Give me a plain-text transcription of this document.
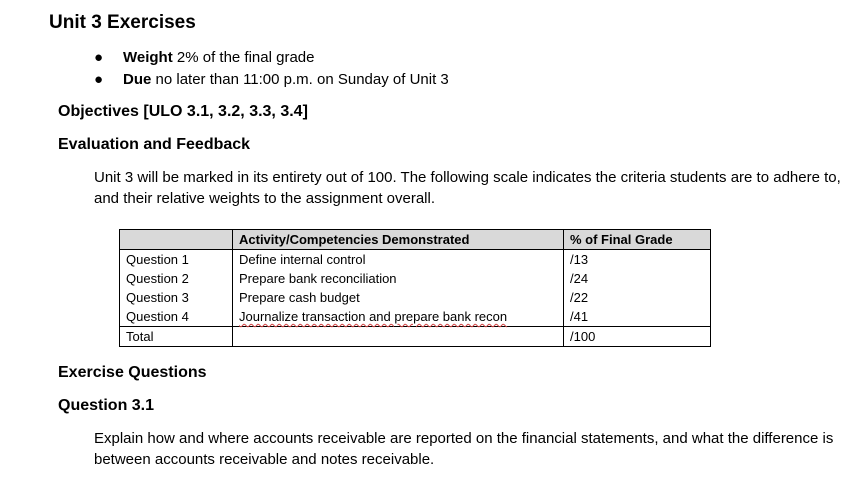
Unit 3 Exercises
● Weight 2% of the final grade
● Due no later than 11:00 p.m. on Sunday of Unit 3
Objectives [ULO 3.1, 3.2, 3.3, 3.4]
Evaluation and Feedback

Unit 3 will be marked in its entirety out of 100. The following scale indicates the criteria students are to adhere to, and their relative weights to the assignment overall.

	Activity/Competencies Demonstrated	% of Final Grade
Question 1	Define internal control	/13
Question 2	Prepare bank reconciliation	/24
Question 3	Prepare cash budget	/22
Question 4	Journalize transaction and prepare bank recon	/41
Total		/100
Exercise Questions
Question 3.1

Explain how and where accounts receivable are reported on the financial statements, and what the difference is between accounts receivable and notes receivable.
